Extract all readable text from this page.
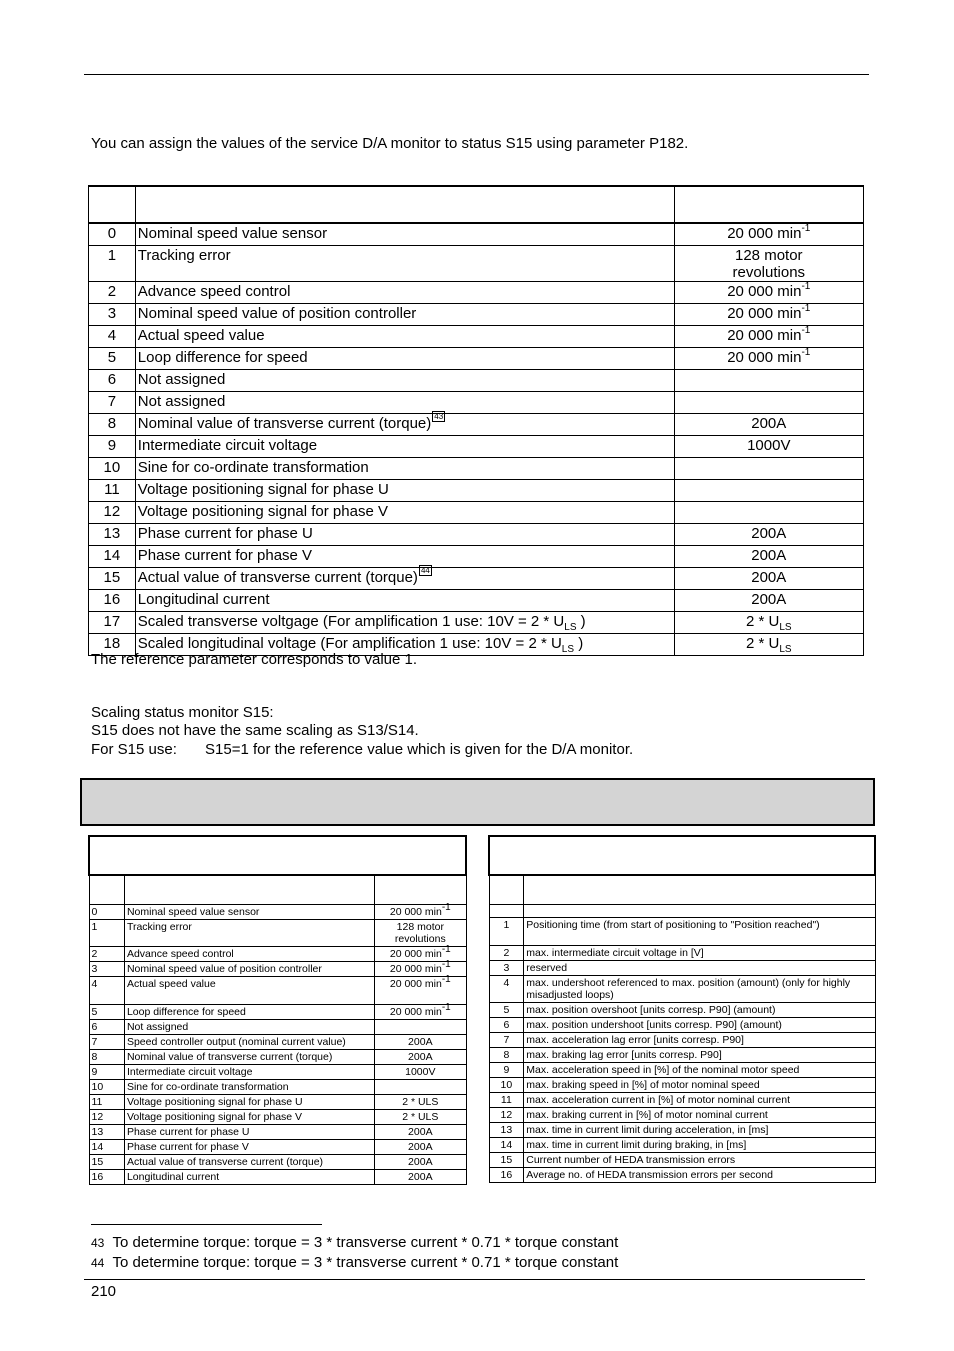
You can assign the values of the service D/A monitor to status S15 using parameter P182.

0	Nominal speed value sensor	20 000 $\min^{-1}$
1	Tracking error	128 motor revolutions
2	Advance speed control	20 000 $\min^{-1}$
3	Nominal speed value of position controller	20 000 $\min^{-1}$
4	Actual speed value	20 000 $\min^{-1}$
5	Loop difference for speed	20 000 $\min^{-1}$
6	Not assigned	
7	Not assigned	
8	Nominal value of transverse current (torque) 43	200A
9	Intermediate circuit voltage	1000V
10	Sine for co-ordinate transformation	
11	Voltage positioning signal for phase U	
12	Voltage positioning signal for phase V	
13	Phase current for phase U	200A
14	Phase current for phase V	200A
15	Actual value of transverse current (torque) 44	200A
16	Longitudinal current	200A
17	Scaled transverse voltgage (For amplification 1 use: $10V = 2 * U_{LS}$ )	$2 * U_{LS}$
18	Scaled longitudinal voltage (For amplification 1 use: $10V = 2 * U_{LS}$ )	$2 * U_{LS}$
The reference parameter corresponds to value 1.
Scaling status monitor S15:
S15 does not have the same scaling as S13/S14.
For S15 use: S15=1 for the reference value which is given for the D/A monitor.

0	Nominal speed value sensor	20 000 $\min^{-1}$
1	Tracking error	128 motor revolutions
2	Advance speed control	20 000 $\min^{-1}$
3	Nominal speed value of position controller	20 000 $\min^{-1}$
4	Actual speed value	20 000 $\min^{-1}$
5	Loop difference for speed	20 000 $\min^{-1}$
6	Not assigned	
7	Speed controller output (nominal current value)	200A
8	Nominal value of transverse current (torque)	200A
9	Intermediate circuit voltage	1000V
10	Sine for co-ordinate transformation	
11	Voltage positioning signal for phase U	2 * ULS
12	Voltage positioning signal for phase V	2 * ULS
13	Phase current for phase U	200A
14	Phase current for phase V	200A
15	Actual value of transverse current (torque)	200A
16	Longitudinal current	200A

1	Positioning time (from start of positioning to "Position reached")
2	max. intermediate circuit voltage in [V]
3	reserved
4	max. undershoot referenced to max. position (amount) (only for highly misadjusted loops)
5	max. position overshoot [units corresp. P90] (amount)
6	max. position undershoot [units corresp. P90] (amount)
7	max. acceleration lag error [units corresp. P90]
8	max. braking lag error [units corresp. P90]
9	Max. acceleration speed in [%] of the nominal motor speed
10	max. braking speed in [%] of motor nominal speed
11	max. acceleration current in [%] of motor nominal current
12	max. braking current in [%] of motor nominal current
13	max. time in current limit during acceleration, in [ms]
14	max. time in current limit during braking, in [ms]
15	Current number of HEDA transmission errors
16	Average no. of HEDA transmission errors per second
$^{43}$ To determine torque: torque = 3 * transverse current * 0.71 * torque constant
$^{44}$ To determine torque: torque = 3 * transverse current * 0.71 * torque constant
210
